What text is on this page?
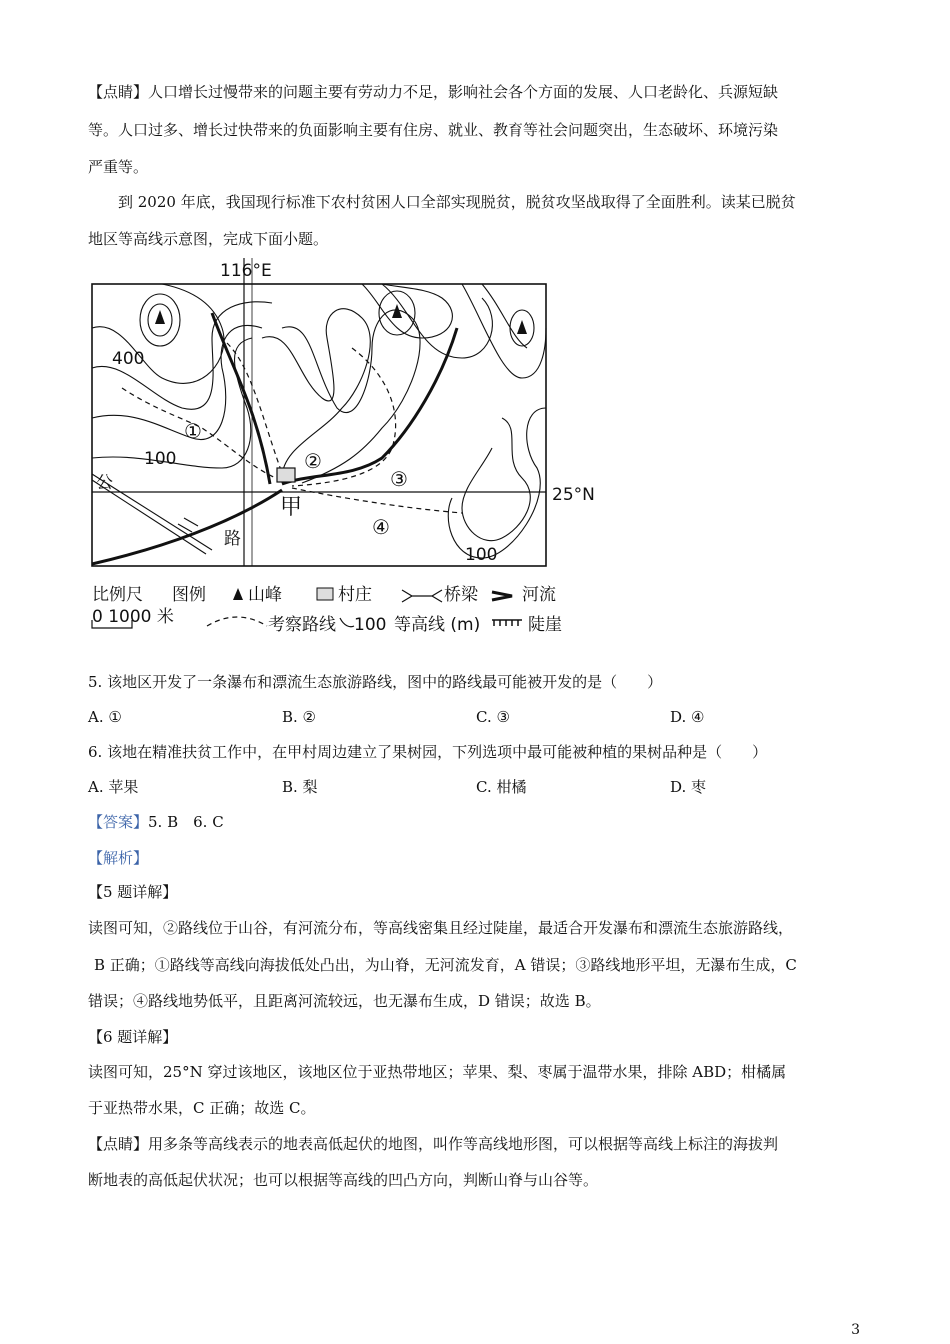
【点睛】人口增长过慢带来的问题主要有劳动力不足，影响社会各个方面的发展、人口老龄化、兵源短缺
等。人口过多、增长过快带来的负面影响主要有住房、就业、教育等社会问题突出，生态破坏、环境污染
严重等。
到 2020 年底，我国现行标准下农村贫困人口全部实现脱贫，脱贫攻坚战取得了全面胜利。读某已脱贫
地区等高线示意图，完成下面小题。
116°E
25°N
公
路
甲
400
100
100
①
②
③
④
比例尺 图例 山峰	村庄	桥梁	河流
0 1000 米	考察路线 100 等高线 (m)	陡崖
5. 该地区开发了一条瀑布和漂流生态旅游路线，图中的路线最可能被开发的是（　　）
A. ①	B. ②	C. ③	D. ④
6. 该地在精准扶贫工作中，在甲村周边建立了果树园，下列选项中最可能被种植的果树品种是（　　）
A. 苹果	B. 梨	C. 柑橘	D. 枣
【答案】5. B　6. C
【解析】
【5 题详解】
读图可知，②路线位于山谷，有河流分布，等高线密集且经过陡崖，最适合开发瀑布和漂流生态旅游路线，
B 正确；①路线等高线向海拔低处凸出，为山脊，无河流发育，A 错误；③路线地形平坦，无瀑布生成，C
错误；④路线地势低平，且距离河流较远，也无瀑布生成，D 错误；故选 B。
【6 题详解】
读图可知，25°N 穿过该地区，该地区位于亚热带地区；苹果、梨、枣属于温带水果，排除 ABD；柑橘属
于亚热带水果，C 正确；故选 C。
【点睛】用多条等高线表示的地表高低起伏的地图，叫作等高线地形图，可以根据等高线上标注的海拔判
断地表的高低起伏状况；也可以根据等高线的凹凸方向，判断山脊与山谷等。
3
